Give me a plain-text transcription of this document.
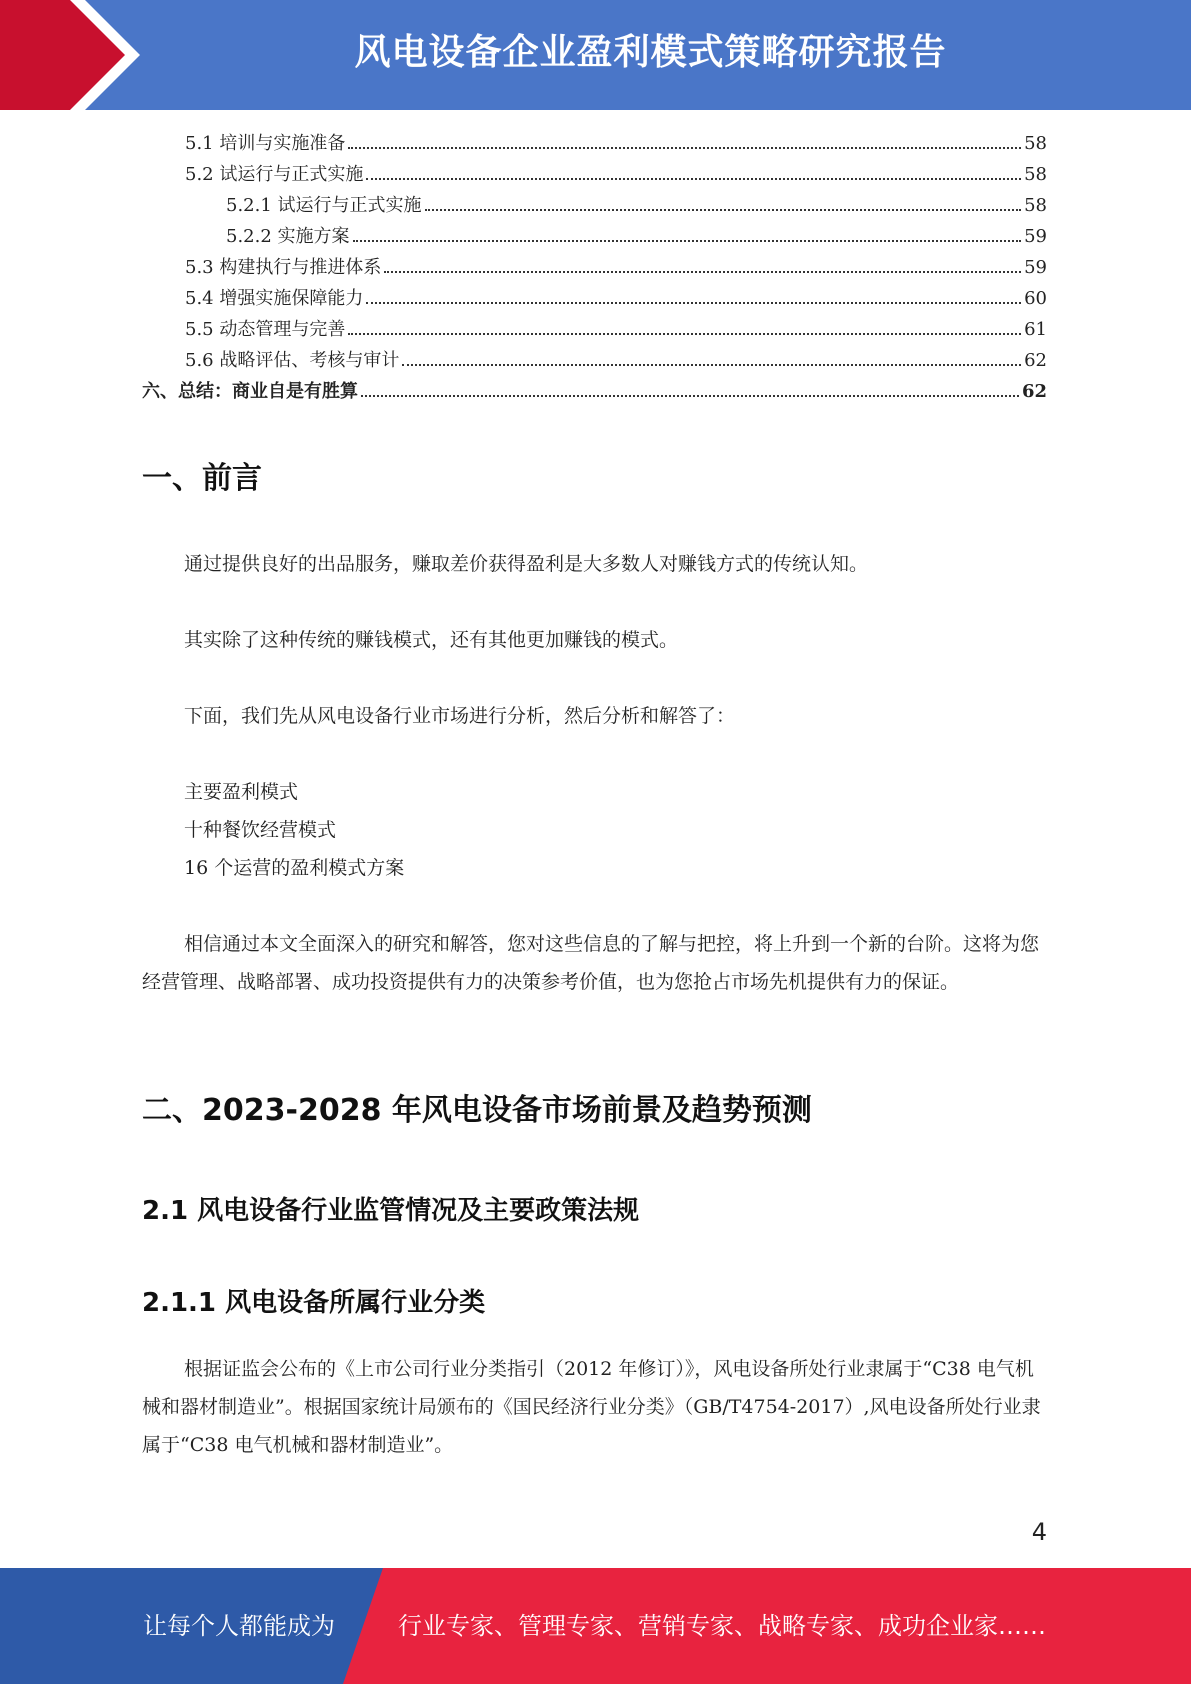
风电设备企业盈利模式策略研究报告
5.1 培训与实施准备	58
5.2 试运行与正式实施	58
5.2.1 试运行与正式实施	58
5.2.2 实施方案	59
5.3 构建执行与推进体系	59
5.4 增强实施保障能力	60
5.5 动态管理与完善	61
5.6 战略评估、考核与审计	62
六、总结：商业自是有胜算	62
一、前言

通过提供良好的出品服务，赚取差价获得盈利是大多数人对赚钱方式的传统认知。

其实除了这种传统的赚钱模式，还有其他更加赚钱的模式。

下面，我们先从风电设备行业市场进行分析，然后分析和解答了：

主要盈利模式

十种餐饮经营模式

16 个运营的盈利模式方案

相信通过本文全面深入的研究和解答，您对这些信息的了解与把控，将上升到一个新的台阶。这将为您经营管理、战略部署、成功投资提供有力的决策参考价值，也为您抢占市场先机提供有力的保证。

二、2023-2028 年风电设备市场前景及趋势预测
2.1 风电设备行业监管情况及主要政策法规
2.1.1 风电设备所属行业分类

根据证监会公布的《上市公司行业分类指引（2012 年修订）》，风电设备所处行业隶属于“C38 电气机械和器材制造业”。根据国家统计局颁布的《国民经济行业分类》（GB/T4754-2017）,风电设备所处行业隶属于“C38 电气机械和器材制造业”。

4
让每个人都能成为	行业专家、管理专家、营销专家、战略专家、成功企业家……
